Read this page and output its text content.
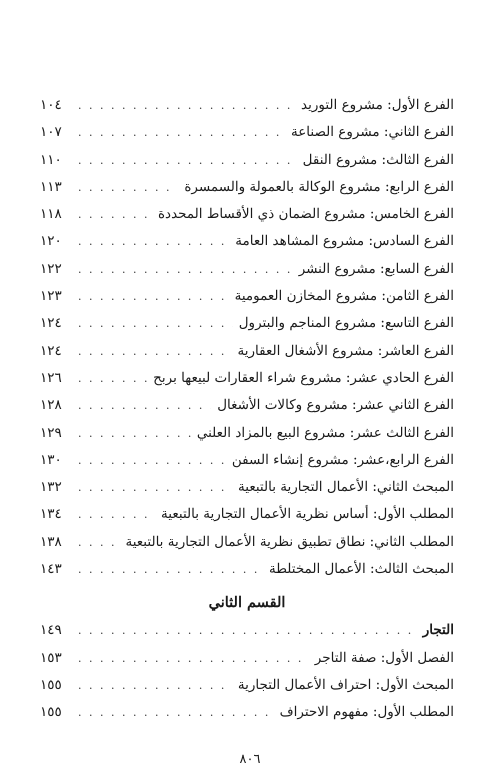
الفرع الأول: مشروع التوريد
. . .
١٠٤
الفرع الثاني: مشروع الصناعة
. . .
١٠٧
الفرع الثالث: مشروع النقل
. . .
١١٠
الفرع الرابع: مشروع الوكالة بالعمولة والسمسرة
. . .
١١٣
الفرع الخامس: مشروع الضمان ذي الأقساط المحددة
. . .
١١٨
الفرع السادس: مشروع المشاهد العامة
. . .
١٢٠
الفرع السابع: مشروع النشر
. . .
١٢٢
الفرع الثامن: مشروع المخازن العمومية
. . .
١٢٣
الفرع التاسع: مشروع المناجم والبترول
. . .
١٢٤
الفرع العاشر: مشروع الأشغال العقارية
. . .
١٢٤
الفرع الحادي عشر: مشروع شراء العقارات لبيعها بربح
. . .
١٢٦
الفرع الثاني عشر: مشروع وكالات الأشغال
. . .
١٢٨
الفرع الثالث عشر: مشروع البيع بالمزاد العلني
. . .
١٢٩
الفرع الرابع،عشر: مشروع إنشاء السفن
. . .
١٣٠
المبحث الثاني: الأعمال التجارية بالتبعية
. . .
١٣٢
المطلب الأول: أساس نظرية الأعمال التجارية بالتبعية
. . .
١٣٤
المطلب الثاني: نطاق تطبيق نظرية الأعمال التجارية بالتبعية
. . .
١٣٨
المبحث الثالث: الأعمال المختلطة
. . .
١٤٣
القسم الثاني
التجار
. . .
١٤٩
الفصل الأول: صفة التاجر
. . .
١٥٣
المبحث الأول: احتراف الأعمال التجارية
. . .
١٥٥
المطلب الأول: مفهوم الاحتراف
. . .
١٥٥
٨٠٦
